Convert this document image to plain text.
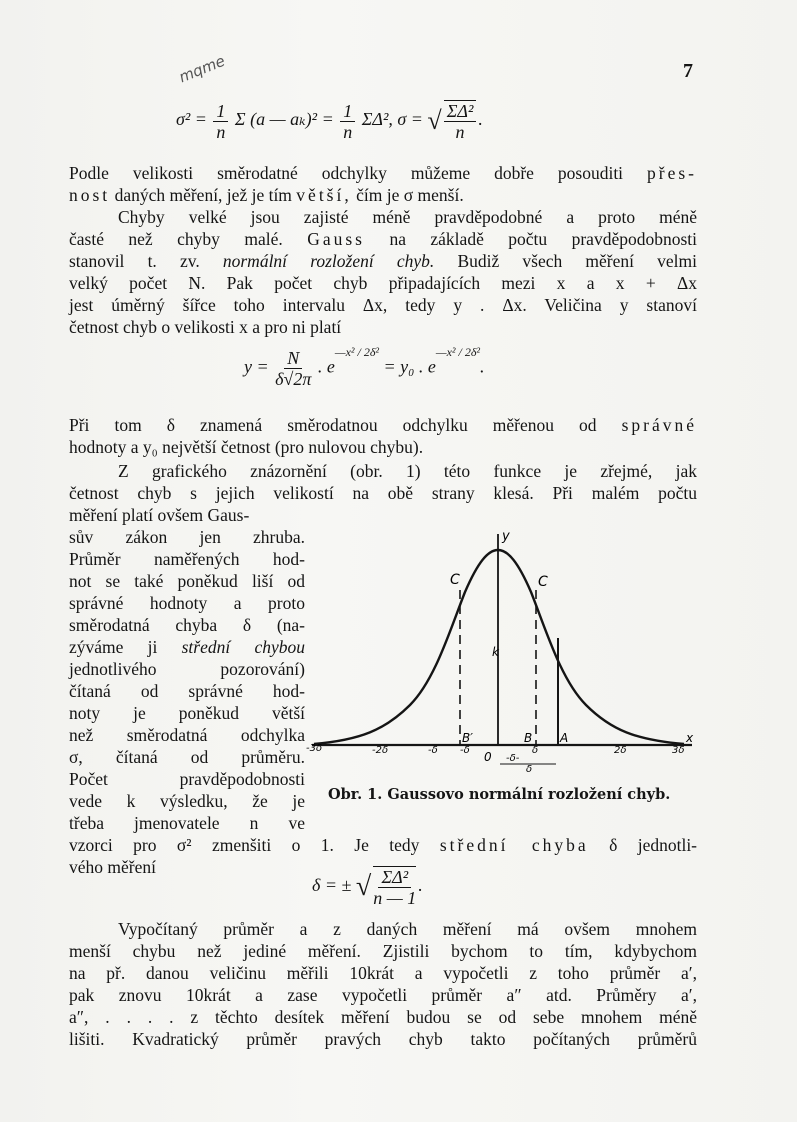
mqme	7
$\sigma^2 = \frac{1}{n}$ Σ (a — $a_k)^2 = \frac{1}{n} \Sigma\Delta^2$, σ = √ $\frac{\text{ΣΔ²}}{n}$ .
Podle velikosti směrodatné odchylky můžeme dobře posouditi přes-
nost daných měření, jež je tím větší, čím je σ menší.
Chyby velké jsou zajisté méně pravděpodobné a proto méně
časté než chyby malé. Gauss na základě počtu pravděpodobnosti
stanovil t. zv. normální rozložení chyb. Budiž všech měření velmi
velký počet N. Pak počet chyb připadajících mezi x a x + Δx
jest úměrný šířce toho intervalu Δx, tedy y . Δx. Veličina y stanoví
četnost chyb o velikosti x a pro ni platí
$y = \frac{N}{\delta√2\pi}$ . $e^{—x^2 / 2\delta^2} = y_0$ . $e^{—x^2 / 2\delta^2}$.
Při tom δ znamená směrodatnou odchylku měřenou od správné
hodnoty a y₀ největší četnost (pro nulovou chybu).
Z grafického znázornění (obr. 1) této funkce je zřejmé, jak
četnost chyb s jejich velikostí na obě strany klesá. Při malém počtu
měření platí ovšem Gaus-
sův zákon jen zhruba.
Průměr naměřených hod-
not se také poněkud liší od
správné hodnoty a proto
směrodatná chyba δ (na-
zýváme ji střední chybou
jednotlivého pozorování)
čítaná od správné hod-
noty je poněkud větší
než směrodatná odchylka
σ, čítaná od průměru.
Počet pravděpodobnosti
vede k výsledku, že je
třeba jmenovatele n ve
vzorci pro σ² zmenšiti o 1. Je tedy střední chyba δ jednotli-
vého měření
y
x
C	C
k
B′	B A
0
-3δ	-2δ	-δ -δ	δ	2δ	3δ
-δ-
δ
Obr. 1. Gaussovo normální rozložení chyb.
δ = ± √ $\frac{\text{ΣΔ²}}{n — 1}$ .
Vypočítaný průměr a z daných měření má ovšem mnohem
menší chybu než jediné měření. Zjistili bychom to tím, kdybychom
na př. danou veličinu měřili 10krát a vypočetli z toho průměr a′,
pak znovu 10krát a zase vypočetli průměr a″ atd. Průměry a′,
a″, . . . . z těchto desítek měření budou se od sebe mnohem méně
lišiti. Kvadratický průměr pravých chyb takto počítaných průměrů
